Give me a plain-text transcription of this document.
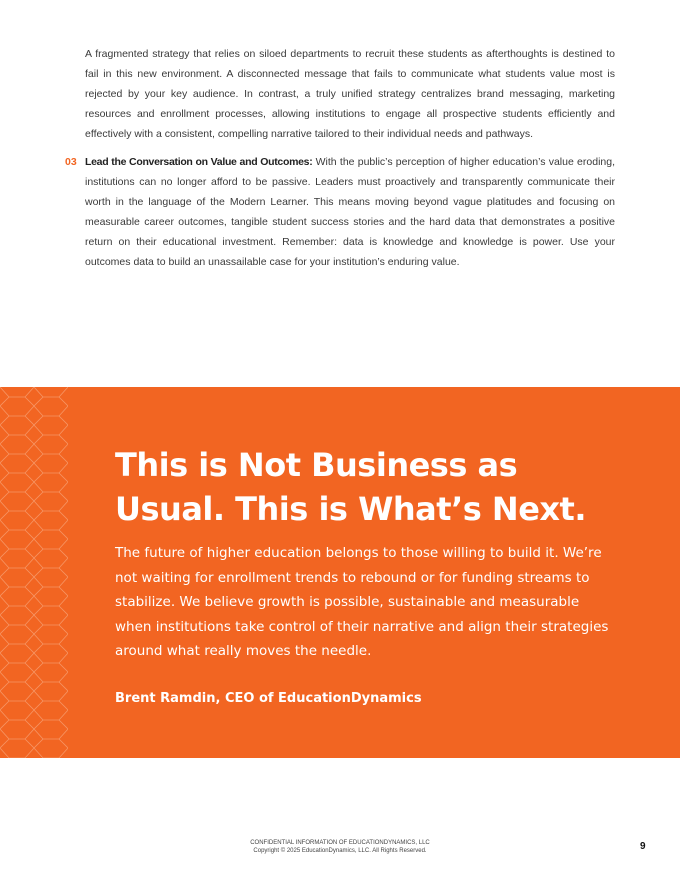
A fragmented strategy that relies on siloed departments to recruit these students as afterthoughts is destined to fail in this new environment. A disconnected message that fails to communicate what students value most is rejected by your key audience. In contrast, a truly unified strategy centralizes brand messaging, marketing resources and enrollment processes, allowing institutions to engage all prospective students efficiently and effectively with a consistent, compelling narrative tailored to their individual needs and pathways.

03 Lead the Conversation on Value and Outcomes: With the public’s perception of higher education’s value eroding, institutions can no longer afford to be passive. Leaders must proactively and transparently communicate their worth in the language of the Modern Learner. This means moving beyond vague platitudes and focusing on measurable career outcomes, tangible student success stories and the hard data that demonstrates a positive return on their educational investment. Remember: data is knowledge and knowledge is power. Use your outcomes data to build an unassailable case for your institution’s enduring value.

This is Not Business as Usual. This is What’s Next.

The future of higher education belongs to those willing to build it. We’re not waiting for enrollment trends to rebound or for funding streams to stabilize. We believe growth is possible, sustainable and measurable when institutions take control of their narrative and align their strategies around what really moves the needle.

Brent Ramdin, CEO of EducationDynamics

CONFIDENTIAL INFORMATION OF EDUCATIONDYNAMICS, LLC
Copyright © 2025 EducationDynamics, LLC. All Rights Reserved.	9
